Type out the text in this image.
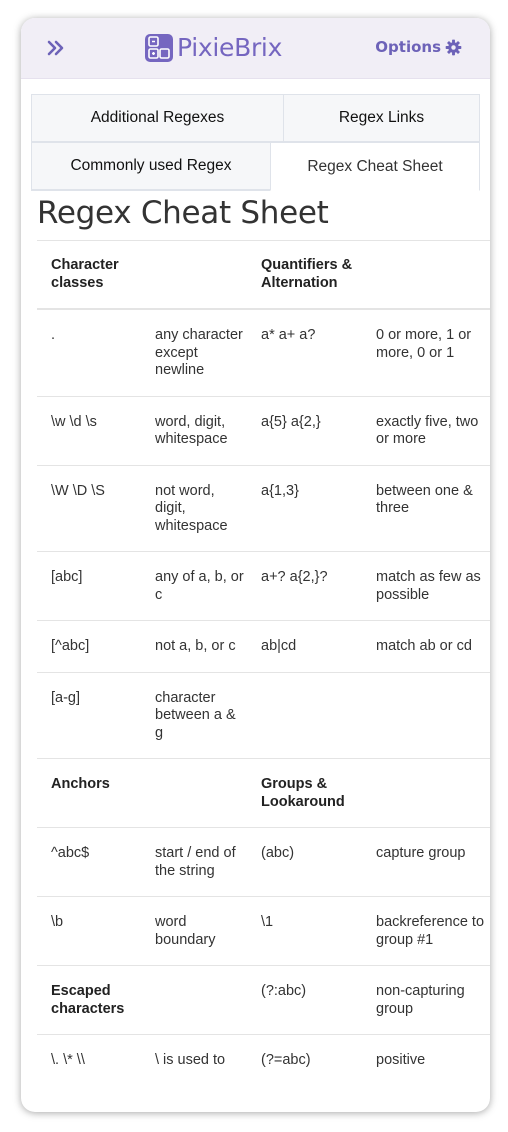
PixieBrix	Options
Additional Regexes	Regex Links
Commonly used Regex	Regex Cheat Sheet
Regex Cheat Sheet
Character classes		Quantifiers & Alternation	
.	any character except newline	a* a+ a?	0 or more, 1 or more, 0 or 1
\w \d \s	word, digit, whitespace	a{5} a{2,}	exactly five, two or more
\W \D \S	not word, digit, whitespace	a{1,3}	between one & three
[abc]	any of a, b, or c	a+? a{2,}?	match as few as possible
[^abc]	not a, b, or c	ab|cd	match ab or cd
[a-g]	character between a & g		
Anchors		Groups & Lookaround	
^abc$	start / end of the string	(abc)	capture group
\b	word boundary	\1	backreference to group #1
Escaped characters		(?:abc)	non-capturing group
\. \* \\	\ is used to	(?=abc)	positive
